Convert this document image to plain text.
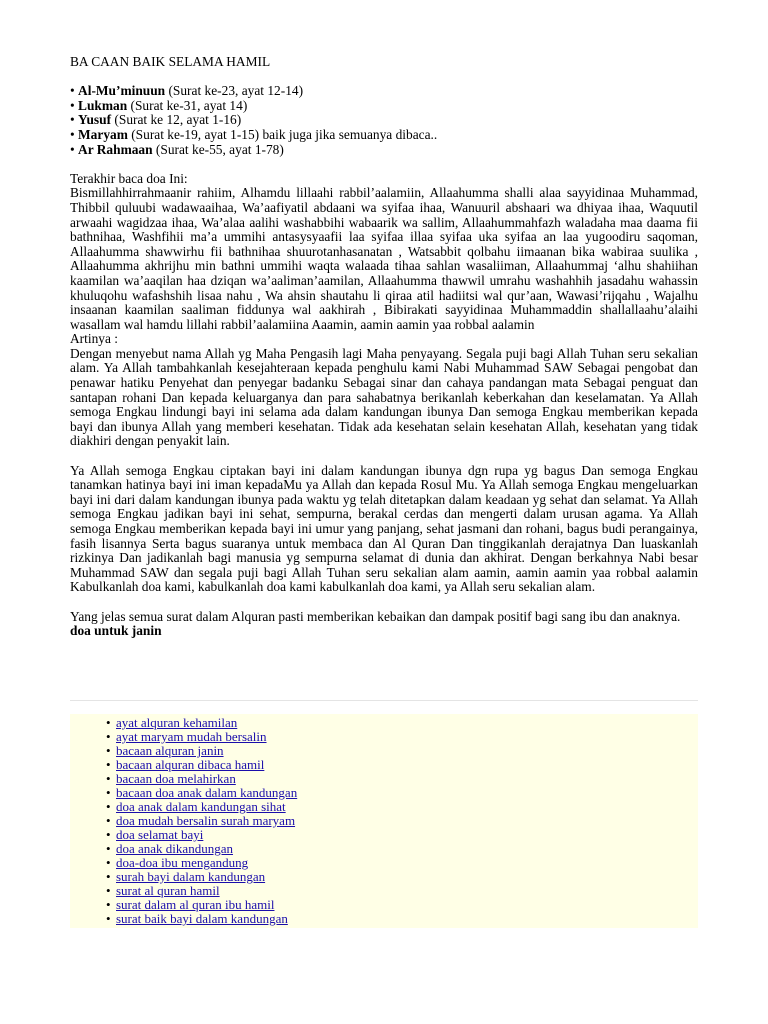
BA CAAN BAIK SELAMA HAMIL
• Al-Mu’minuun (Surat ke-23, ayat 12-14)
• Lukman (Surat ke-31, ayat 14)
• Yusuf (Surat ke 12, ayat 1-16)
• Maryam (Surat ke-19, ayat 1-15) baik juga jika semuanya dibaca..
• Ar Rahmaan (Surat ke-55, ayat 1-78)
Terakhir baca doa Ini:

Bismillahhirrahmaanir rahiim, Alhamdu lillaahi rabbil’aalamiin, Allaahumma shalli alaa sayyidinaa Muhammad, Thibbil quluubi wadawaaihaa, Wa’aafiyatil abdaani wa syifaa ihaa, Wanuuril abshaari wa dhiyaa ihaa, Waquutil arwaahi wagidzaa ihaa, Wa’alaa aalihi washabbihi wabaarik wa sallim, Allaahummahfazh waladaha maa daama fii bathnihaa, Washfihii ma’a ummihi antasysyaafii laa syifaa illaa syifaa uka syifaa an laa yugoodiru saqoman, Allaahumma shawwirhu fii bathnihaa shuurotanhasanatan , Watsabbit qolbahu iimaanan bika wabiraa suulika , Allaahumma akhrijhu min bathni ummihi waqta walaada tihaa sahlan wasaliiman, Allaahummaj ‘alhu shahiihan kaamilan wa’aaqilan haa dziqan wa’aaliman’aamilan, Allaahumma thawwil umrahu washahhih jasadahu wahassin khuluqohu wafashshih lisaa nahu , Wa ahsin shautahu li qiraa atil hadiitsi wal qur’aan, Wawasi’rijqahu , Wajalhu insaanan kaamilan saaliman fiddunya wal aakhirah , Bibirakati sayyidinaa Muhammaddin shallallaahu’alaihi wasallam wal hamdu lillahi rabbil’aalamiina Aaamin, aamin aamin yaa robbal aalamin

Artinya :

Dengan menyebut nama Allah yg Maha Pengasih lagi Maha penyayang. Segala puji bagi Allah Tuhan seru sekalian alam. Ya Allah tambahkanlah kesejahteraan kepada penghulu kami Nabi Muhammad SAW Sebagai pengobat dan penawar hatiku Penyehat dan penyegar badanku Sebagai sinar dan cahaya pandangan mata Sebagai penguat dan santapan rohani Dan kepada keluarganya dan para sahabatnya berikanlah keberkahan dan keselamatan. Ya Allah semoga Engkau lindungi bayi ini selama ada dalam kandungan ibunya Dan semoga Engkau memberikan kepada bayi dan ibunya Allah yang memberi kesehatan. Tidak ada kesehatan selain kesehatan Allah, kesehatan yang tidak diakhiri dengan penyakit lain.

Ya Allah semoga Engkau ciptakan bayi ini dalam kandungan ibunya dgn rupa yg bagus Dan semoga Engkau tanamkan hatinya bayi ini iman kepadaMu ya Allah dan kepada Rosul Mu. Ya Allah semoga Engkau mengeluarkan bayi ini dari dalam kandungan ibunya pada waktu yg telah ditetapkan dalam keadaan yg sehat dan selamat. Ya Allah semoga Engkau jadikan bayi ini sehat, sempurna, berakal cerdas dan mengerti dalam urusan agama. Ya Allah semoga Engkau memberikan kepada bayi ini umur yang panjang, sehat jasmani dan rohani, bagus budi perangainya, fasih lisannya Serta bagus suaranya untuk membaca dan Al Quran Dan tinggikanlah derajatnya Dan luaskanlah rizkinya Dan jadikanlah bagi manusia yg sempurna selamat di dunia dan akhirat. Dengan berkahnya Nabi besar Muhammad SAW dan segala puji bagi Allah Tuhan seru sekalian alam aamin, aamin aamin yaa robbal aalamin Kabulkanlah doa kami, kabulkanlah doa kami kabulkanlah doa kami, ya Allah seru sekalian alam.

Yang jelas semua surat dalam Alquran pasti memberikan kebaikan dan dampak positif bagi sang ibu dan anaknya.

doa untuk janin
• ayat alquran kehamilan
• ayat maryam mudah bersalin
• bacaan alquran janin
• bacaan alquran dibaca hamil
• bacaan doa melahirkan
• bacaan doa anak dalam kandungan
• doa anak dalam kandungan sihat
• doa mudah bersalin surah maryam
• doa selamat bayi
• doa anak dikandungan
• doa-doa ibu mengandung
• surah bayi dalam kandungan
• surat al quran hamil
• surat dalam al quran ibu hamil
• surat baik bayi dalam kandungan
